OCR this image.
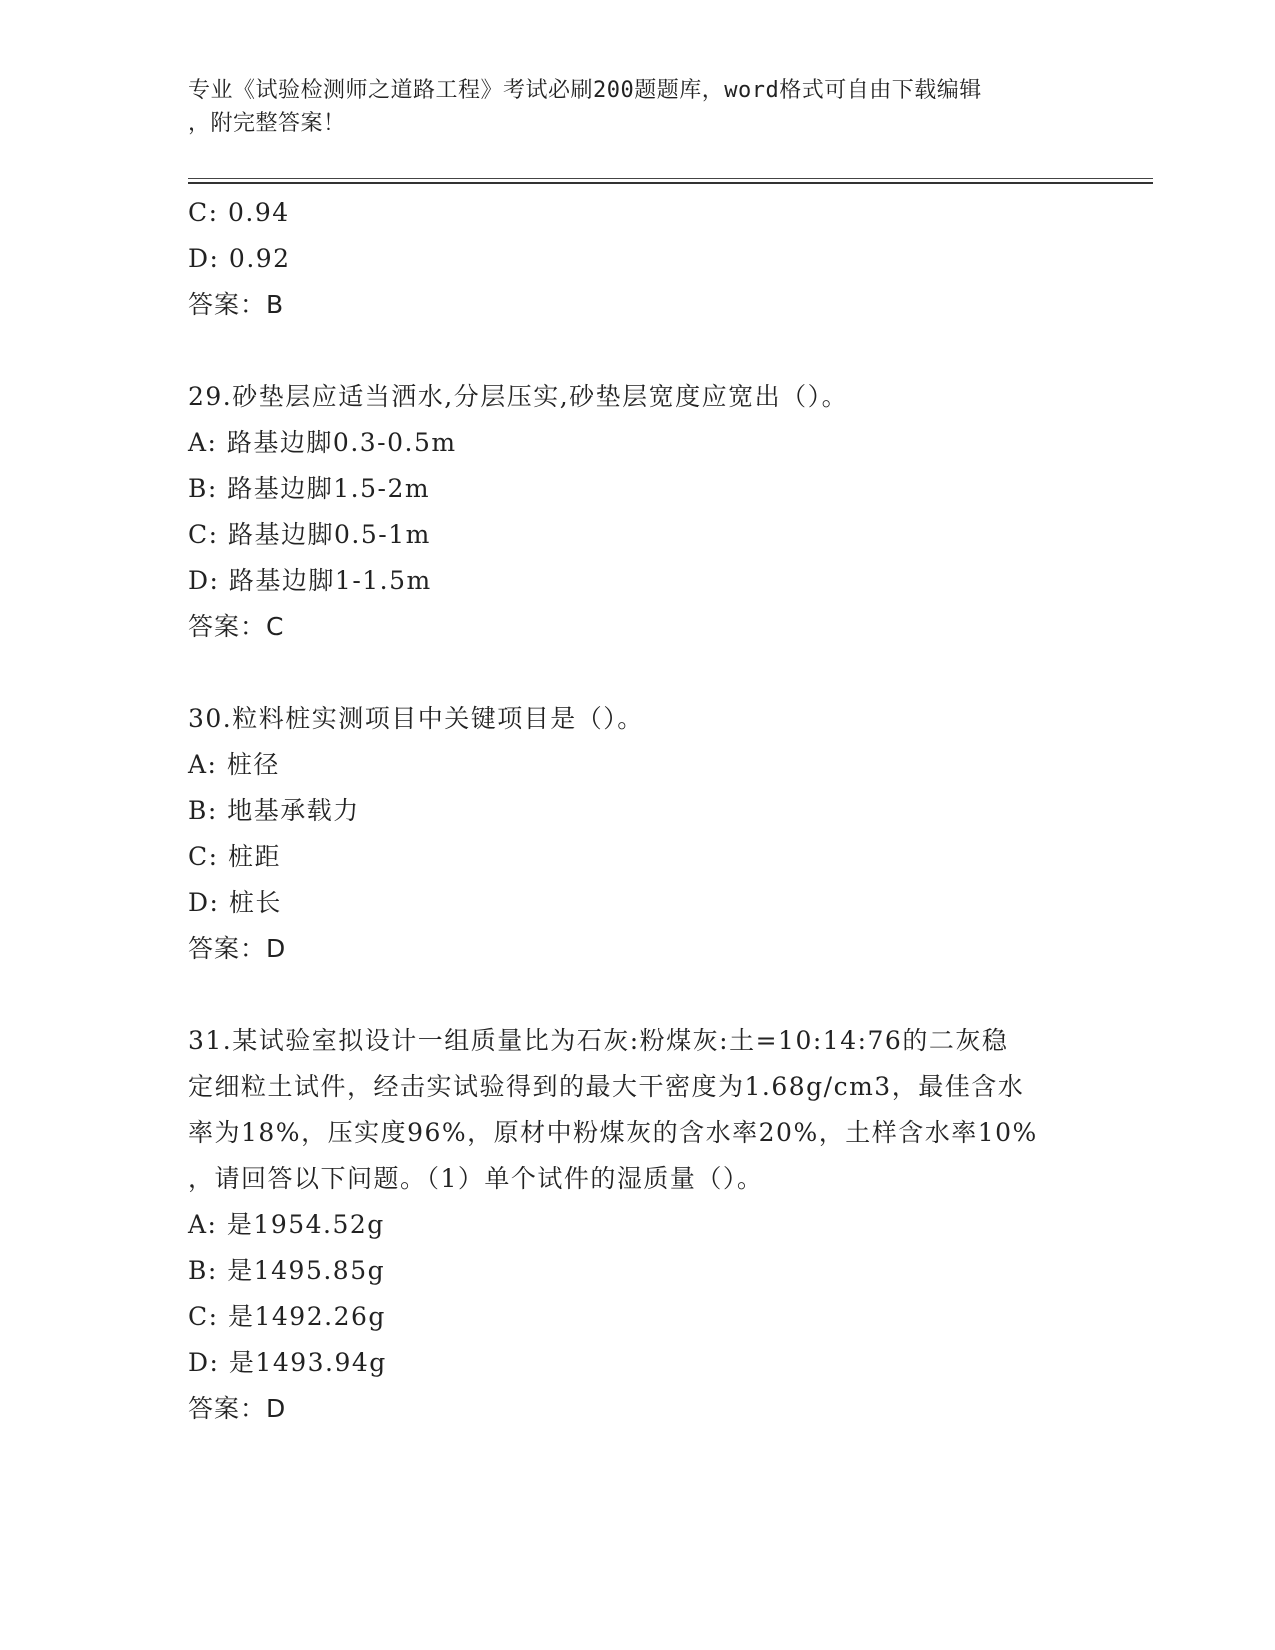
专业《试验检测师之道路工程》考试必刷200题题库，word格式可自由下载编辑
，附完整答案！
C: 0.94
D: 0.92
答案：B
29.砂垫层应适当洒水,分层压实,砂垫层宽度应宽出（）。
A: 路基边脚0.3-0.5m
B: 路基边脚1.5-2m
C: 路基边脚0.5-1m
D: 路基边脚1-1.5m
答案：C
30.粒料桩实测项目中关键项目是（）。
A: 桩径
B: 地基承载力
C: 桩距
D: 桩长
答案：D
31.某试验室拟设计一组质量比为石灰:粉煤灰:土=10:14:76的二灰稳
定细粒土试件，经击实试验得到的最大干密度为1.68g/cm3，最佳含水
率为18%，压实度96%，原材中粉煤灰的含水率20%，土样含水率10%
，请回答以下问题。（1）单个试件的湿质量（）。
A: 是1954.52g
B: 是1495.85g
C: 是1492.26g
D: 是1493.94g
答案：D
